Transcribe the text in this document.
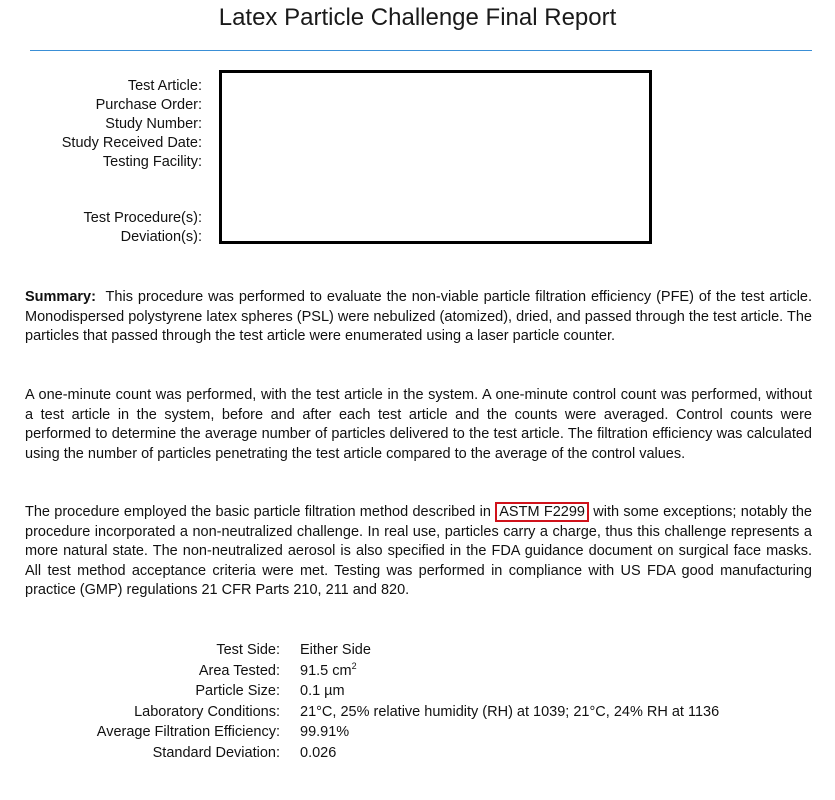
Latex Particle Challenge Final Report
Test Article:
Purchase Order:
Study Number:
Study Received Date:
Testing Facility:
Test Procedure(s):
Deviation(s):
Summary: This procedure was performed to evaluate the non-viable particle filtration efficiency (PFE) of the test article. Monodispersed polystyrene latex spheres (PSL) were nebulized (atomized), dried, and passed through the test article. The particles that passed through the test article were enumerated using a laser particle counter.
A one-minute count was performed, with the test article in the system. A one-minute control count was performed, without a test article in the system, before and after each test article and the counts were averaged. Control counts were performed to determine the average number of particles delivered to the test article. The filtration efficiency was calculated using the number of particles penetrating the test article compared to the average of the control values.
The procedure employed the basic particle filtration method described in ASTM F2299 with some exceptions; notably the procedure incorporated a non-neutralized challenge. In real use, particles carry a charge, thus this challenge represents a more natural state. The non-neutralized aerosol is also specified in the FDA guidance document on surgical face masks. All test method acceptance criteria were met. Testing was performed in compliance with US FDA good manufacturing practice (GMP) regulations 21 CFR Parts 210, 211 and 820.
Test Side:	Either Side
Area Tested:	91.5 $cm^2$
Particle Size:	0.1 µm
Laboratory Conditions:	21°C, 25% relative humidity (RH) at 1039; 21°C, 24% RH at 1136
Average Filtration Efficiency:	99.91%
Standard Deviation:	0.026
